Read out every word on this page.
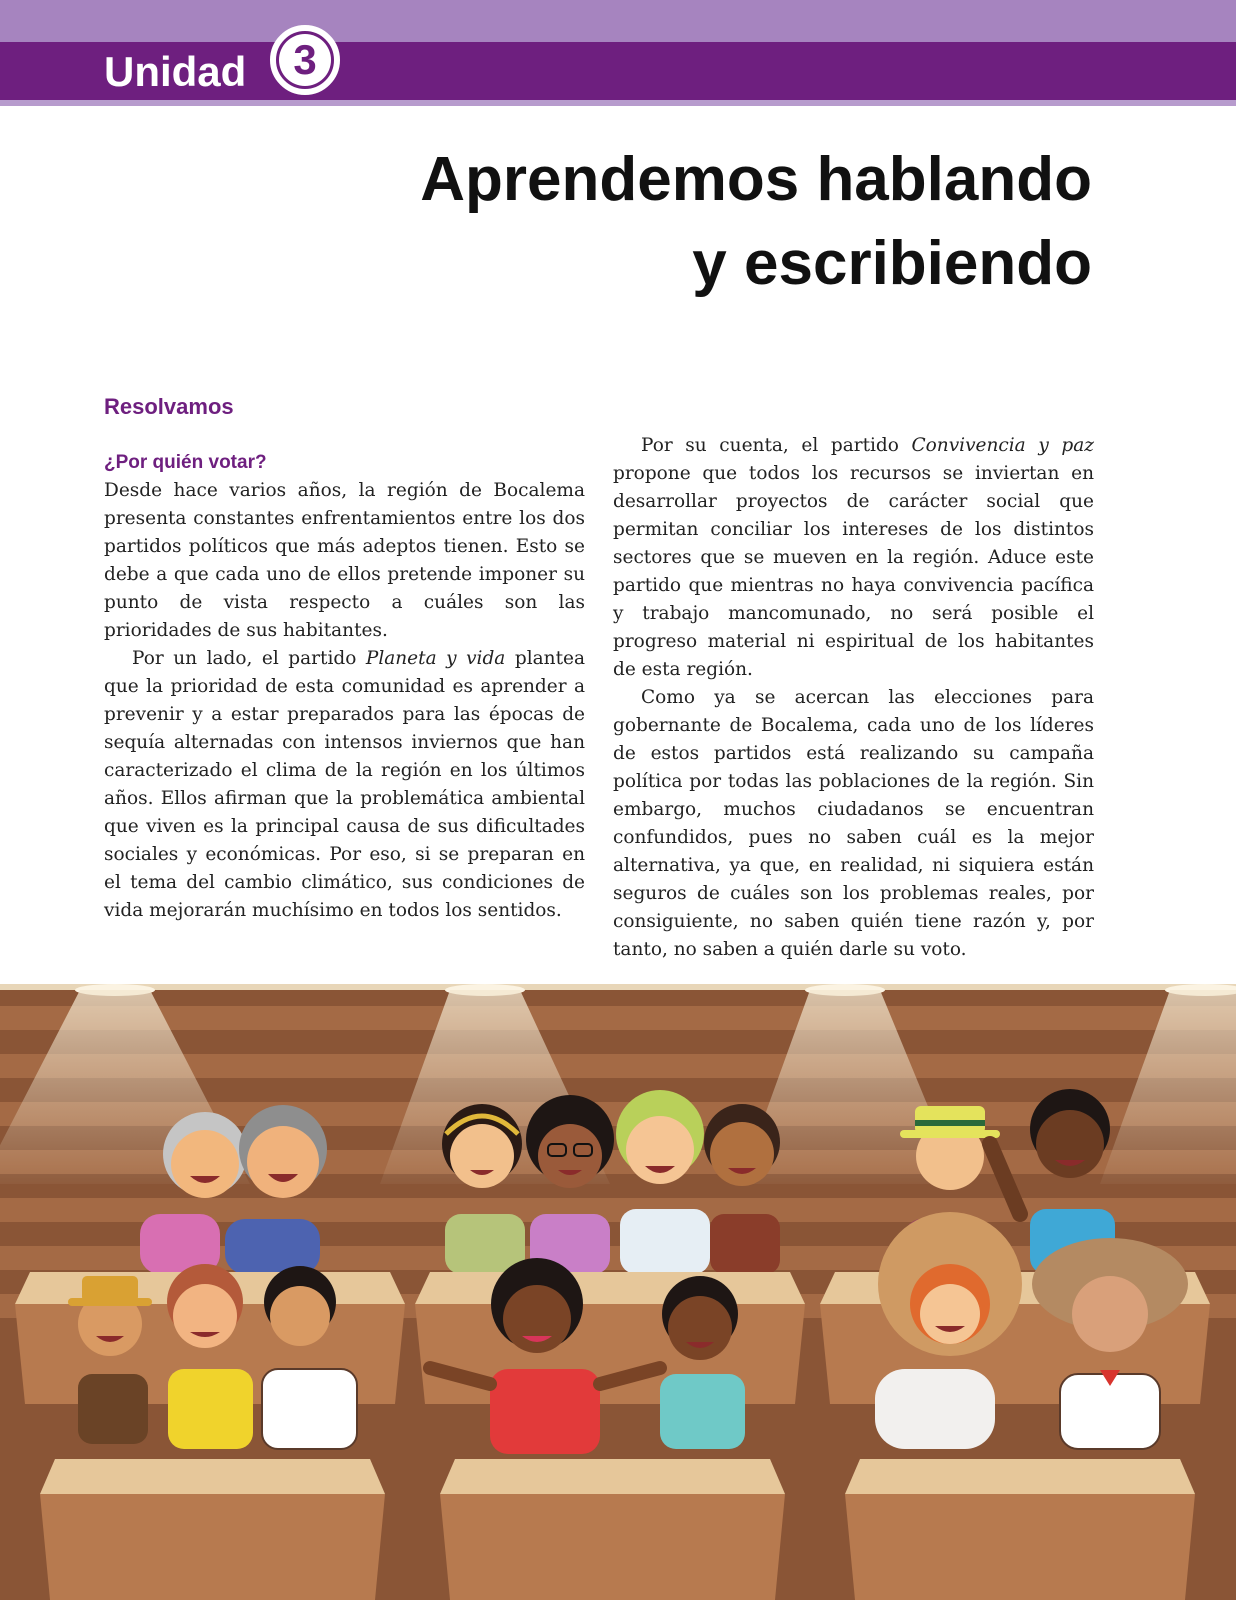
Unidad	3
Aprendemos hablando
y escribiendo
Resolvamos
¿Por quién votar?

Desde hace varios años, la región de Bocalema presenta constantes enfrentamientos entre los dos partidos políticos que más adeptos tienen. Esto se debe a que cada uno de ellos pretende imponer su punto de vista respecto a cuáles son las prioridades de sus habitantes.

Por un lado, el partido Planeta y vida plantea que la prioridad de esta comunidad es aprender a prevenir y a estar preparados para las épocas de sequía alternadas con intensos inviernos que han caracterizado el clima de la región en los últimos años. Ellos afirman que la problemática ambiental que viven es la principal causa de sus dificultades sociales y económicas. Por eso, si se preparan en el tema del cambio climático, sus condiciones de vida mejorarán muchísimo en todos los sentidos.

Por su cuenta, el partido Convivencia y paz propone que todos los recursos se inviertan en desarrollar proyectos de carácter social que permitan conciliar los intereses de los distintos sectores que se mueven en la región. Aduce este partido que mientras no haya convivencia pacífica y trabajo mancomunado, no será posible el progreso material ni espiritual de los habitantes de esta región.

Como ya se acercan las elecciones para gobernante de Bocalema, cada uno de los líderes de estos partidos está realizando su campaña política por todas las poblaciones de la región. Sin embargo, muchos ciudadanos se encuentran confundidos, pues no saben cuál es la mejor alternativa, ya que, en realidad, ni siquiera están seguros de cuáles son los problemas reales, por consiguiente, no saben quién tiene razón y, por tanto, no saben a quién darle su voto.
